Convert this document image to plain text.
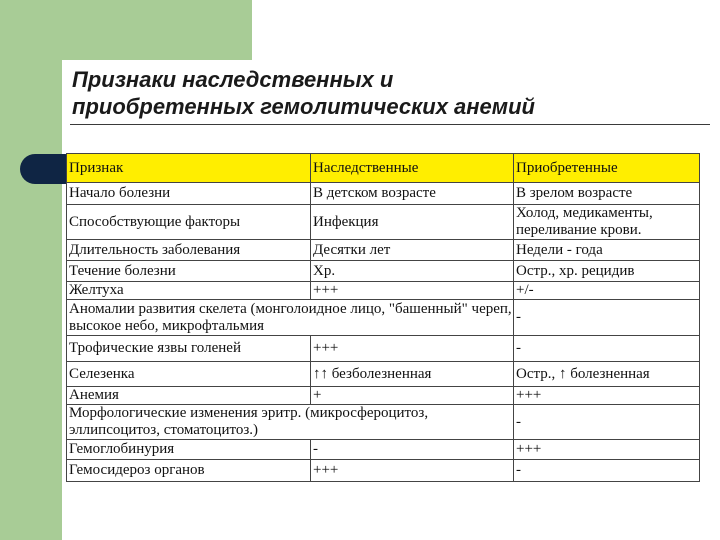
Признаки наследственных и
приобретенных гемолитических анемий
Признак	Наследственные	Приобретенные
Начало болезни	В детском возрасте	В зрелом возрасте
Способствующие факторы	Инфекция	Холод, медикаменты, переливание крови.
Длительность заболевания	Десятки лет	Недели - года
Течение болезни	Хр.	Остр., хр. рецидив
Желтуха	+++	+/-
Аномалии развития скелета (монголоидное лицо, "башенный" череп, высокое небо, микрофтальмия		-
Трофические язвы голеней	+++	-
Селезенка	↑↑ безболезненная	Остр., ↑ болезненная
Анемия	+	+++
Морфологические изменения эритр. (микросфероцитоз, эллипсоцитоз, стоматоцитоз.)		-
Гемоглобинурия	-	+++
Гемосидероз органов	+++	-
